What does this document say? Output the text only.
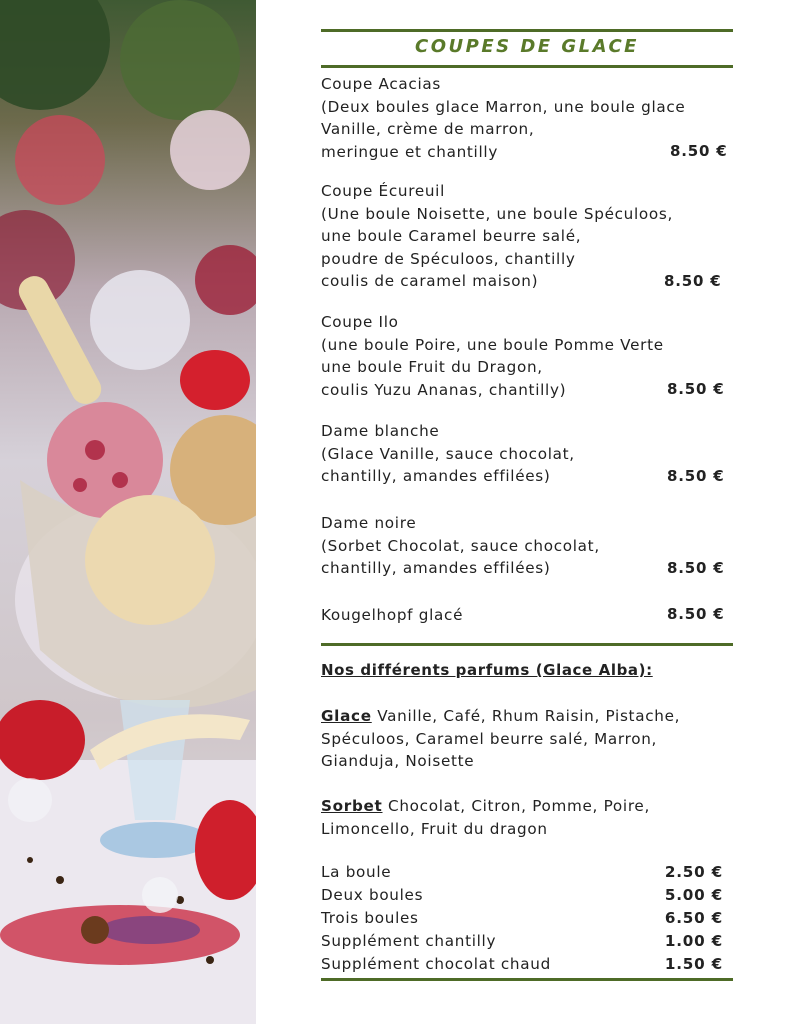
COUPES DE GLACE
Coupe Acacias
(Deux boules glace Marron, une boule glace
Vanille, crème de marron,
meringue et chantilly	8.50 €
Coupe Écureuil
(Une boule Noisette, une boule Spéculoos,
une boule Caramel beurre salé,
poudre de Spéculoos, chantilly
coulis de caramel maison)	8.50 €
Coupe Ilo
(une boule Poire, une boule Pomme Verte
une boule Fruit du Dragon,
coulis Yuzu Ananas, chantilly)	8.50 €
Dame blanche
(Glace Vanille, sauce chocolat,
chantilly, amandes effilées)	8.50 €
Dame noire
(Sorbet Chocolat, sauce chocolat,
chantilly, amandes effilées)	8.50 €
Kougelhopf glacé	8.50 €
Nos différents parfums (Glace Alba):
Glace Vanille, Café, Rhum Raisin, Pistache,
Spéculoos, Caramel beurre salé, Marron,
Gianduja, Noisette
Sorbet Chocolat, Citron, Pomme, Poire,
Limoncello, Fruit du dragon
La boule	2.50 €
Deux boules	5.00 €
Trois boules	6.50 €
Supplément chantilly	1.00 €
Supplément chocolat chaud	1.50 €
